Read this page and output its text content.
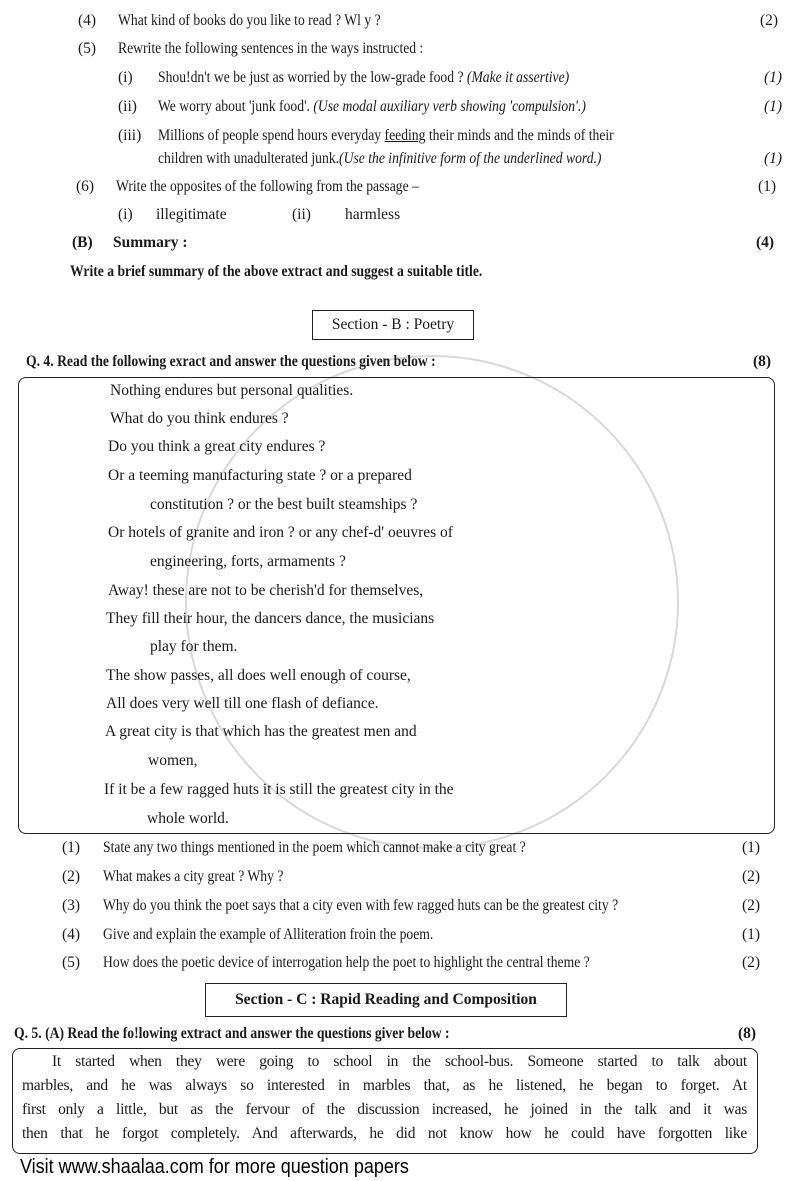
(4) What kind of books do you like to read ? Wl y ?	(2)
(5) Rewrite the following sentences in the ways instructed :
(i) Shou!dn't we be just as worried by the low-grade food ? (Make it assertive)	(1)
(ii) We worry about 'junk food'. (Use modal auxiliary verb showing 'compulsion'.)	(1)
(iii) Millions of people spend hours everyday feeding their minds and the minds of their
children with unadulterated junk.(Use the infinitive form of the underlined word.)	(1)
(6) Write the opposites of the following from the passage –	(1)
(i) illegitimate	(ii) harmless
(B) Summary :	(4)
Write a brief summary of the above extract and suggest a suitable title.
Section - B : Poetry
Q. 4. Read the following exract and answer the questions given below :	(8)
Nothing endures but personal qualities.
What do you think endures ?
Do you think a great city endures ?
Or a teeming manufacturing state ? or a prepared
constitution ? or the best built steamships ?
Or hotels of granite and iron ? or any chef-d' oeuvres of
engineering, forts, armaments ?
Away! these are not to be cherish'd for themselves,
They fill their hour, the dancers dance, the musicians
play for them.
The show passes, all does well enough of course,
All does very well till one flash of defiance.
A great city is that which has the greatest men and
women,
If it be a few ragged huts it is still the greatest city in the
whole world.
(1) State any two things mentioned in the poem which cannot make a city great ?	(1)
(2) What makes a city great ? Why ?	(2)
(3) Why do you think the poet says that a city even with few ragged huts can be the greatest city ?	(2)
(4) Give and explain the example of Alliteration froin the poem.	(1)
(5) How does the poetic device of interrogation help the poet to highlight the central theme ?	(2)
Section - C : Rapid Reading and Composition
Q. 5. (A) Read the fo!lowing extract and answer the questions giver below :	(8)
It started when they were going to school in the school-bus. Someone started to talk about
marbles, and he was always so interested in marbles that, as he listened, he began to forget. At
first only a little, but as the fervour of the discussion increased, he joined in the talk and it was
then that he forgot completely. And afterwards, he did not know how he could have forgotten like
Visit www.shaalaa.com for more question papers
